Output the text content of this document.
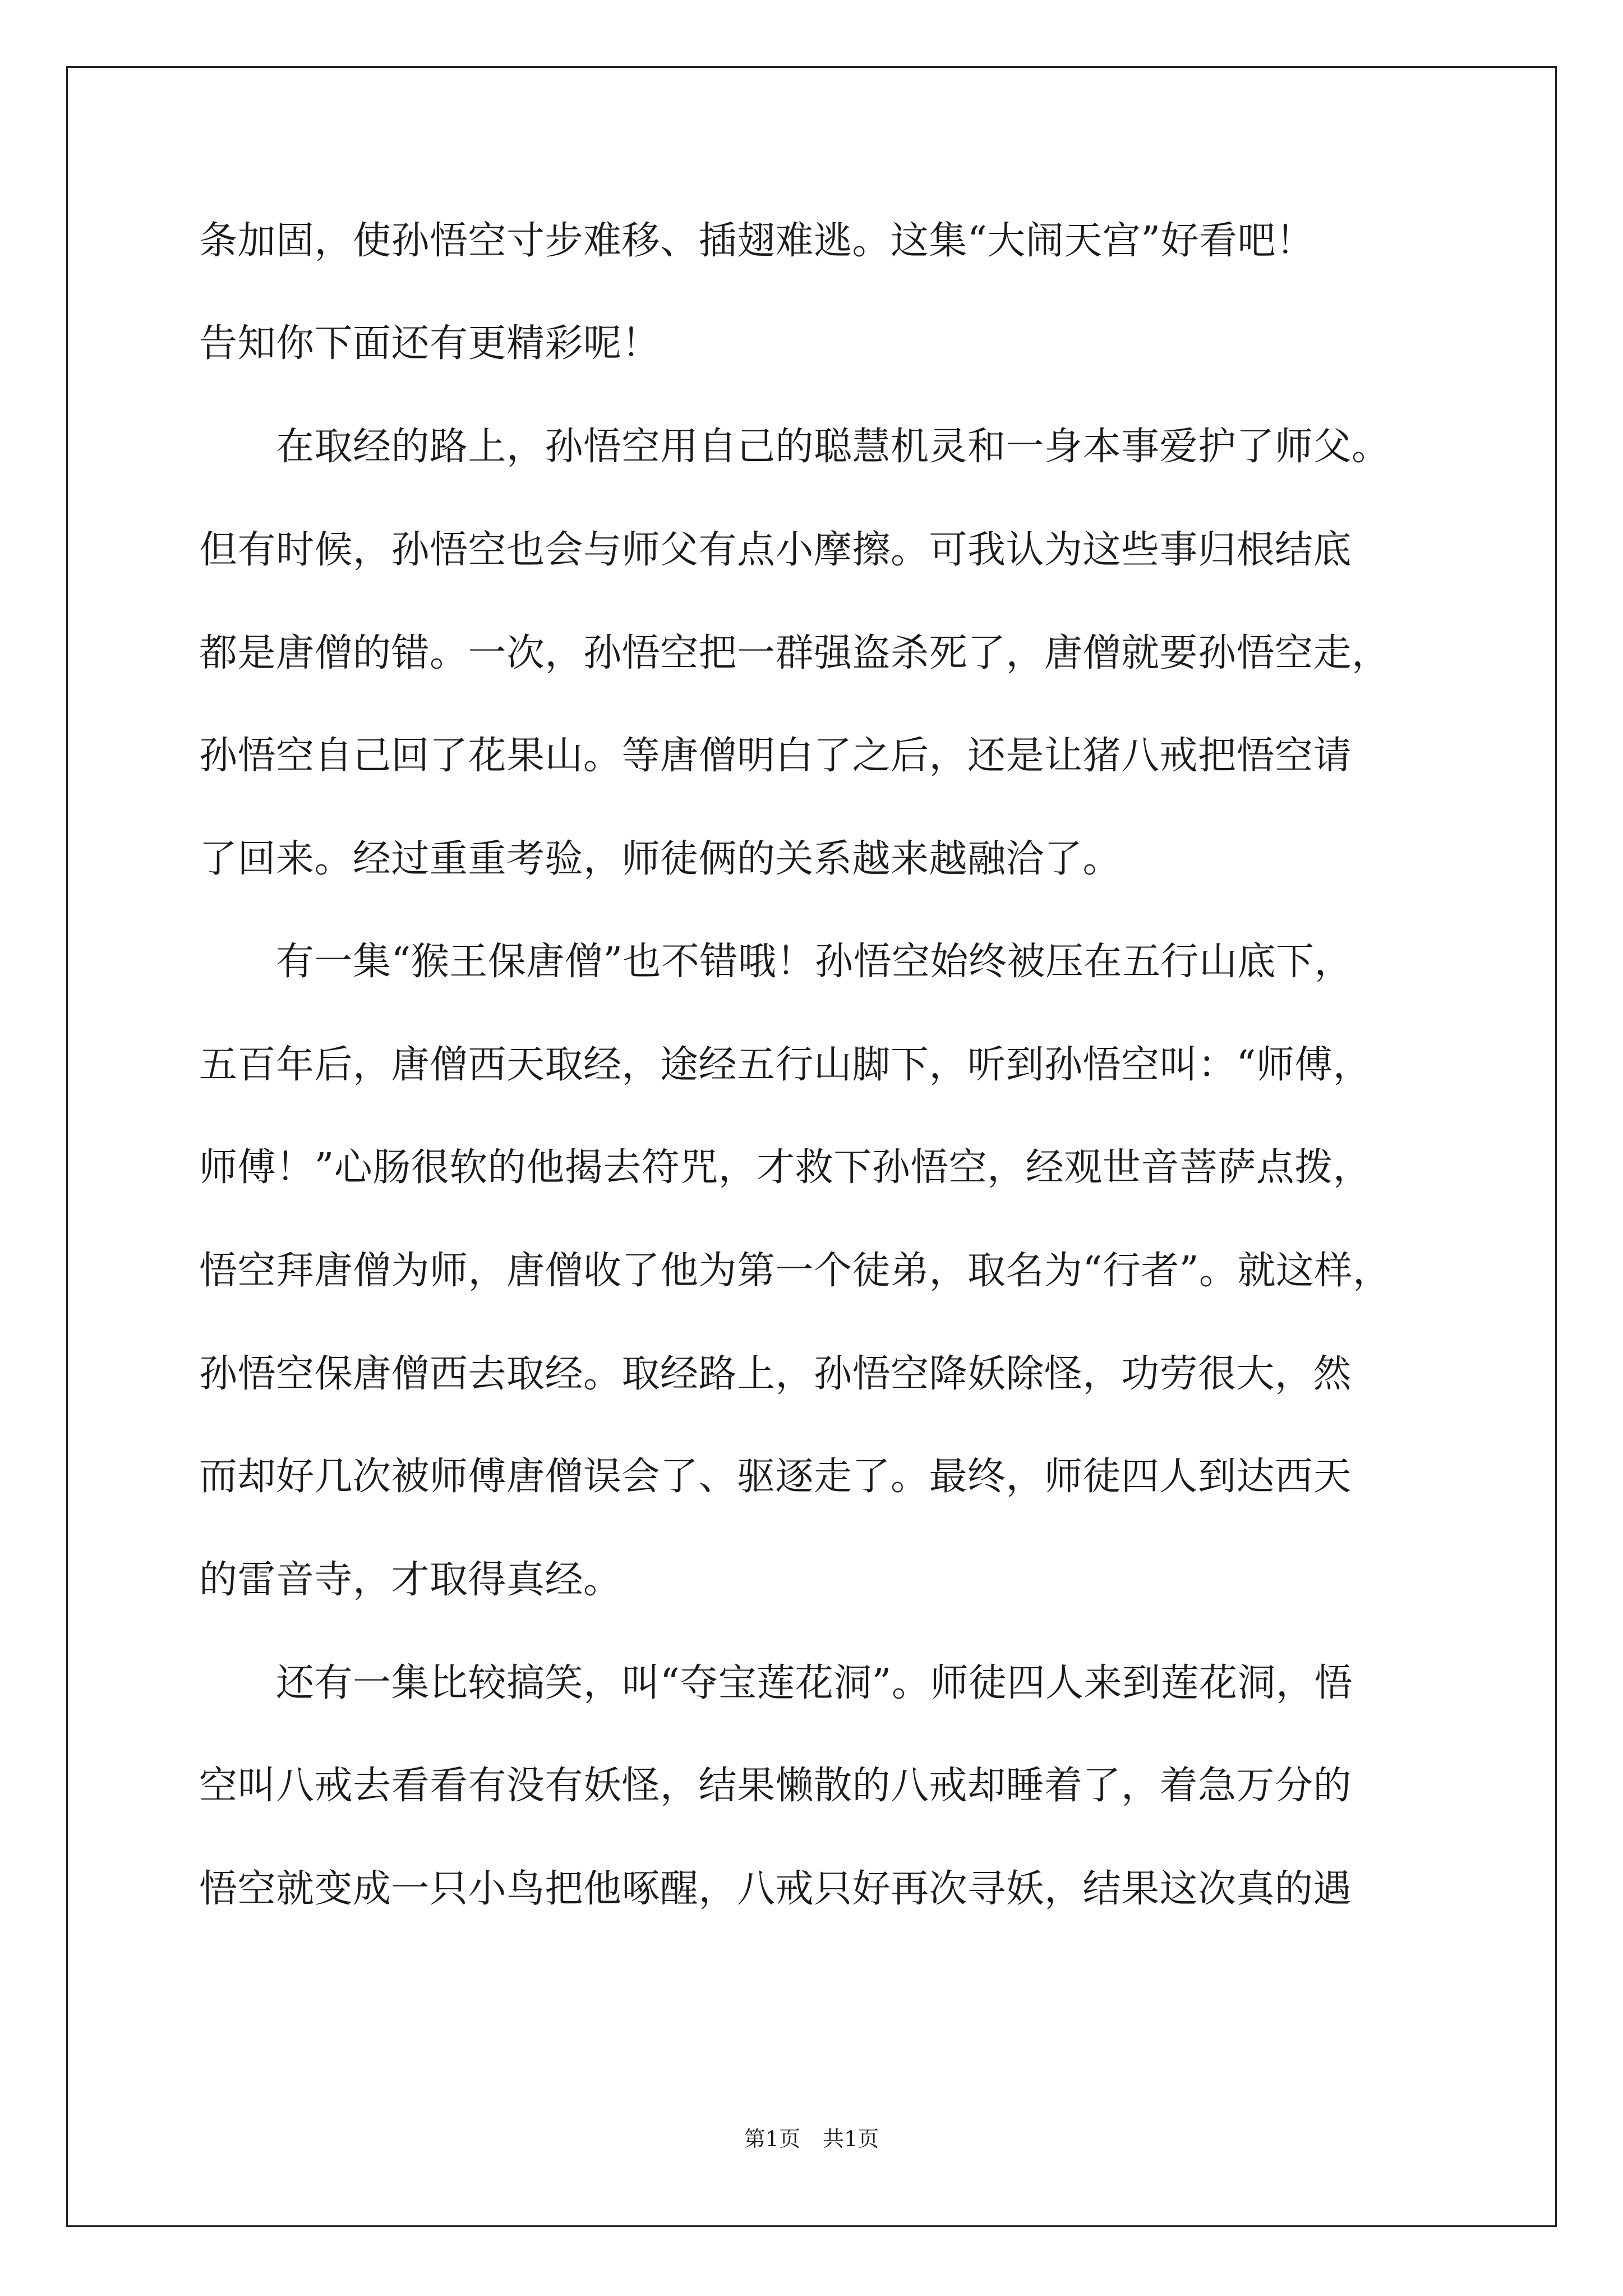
条加固，使孙悟空寸步难移、插翅难逃。这集“大闹天宫”好看吧！
告知你下面还有更精彩呢！
　　在取经的路上，孙悟空用自己的聪慧机灵和一身本事爱护了师父。
但有时候，孙悟空也会与师父有点小摩擦。可我认为这些事归根结底
都是唐僧的错。一次，孙悟空把一群强盗杀死了，唐僧就要孙悟空走，
孙悟空自己回了花果山。等唐僧明白了之后，还是让猪八戒把悟空请
了回来。经过重重考验，师徒俩的关系越来越融洽了。
　　有一集“猴王保唐僧”也不错哦！孙悟空始终被压在五行山底下，
五百年后，唐僧西天取经，途经五行山脚下，听到孙悟空叫：“师傅，
师傅！”心肠很软的他揭去符咒，才救下孙悟空，经观世音菩萨点拨，
悟空拜唐僧为师，唐僧收了他为第一个徒弟，取名为“行者”。就这样，
孙悟空保唐僧西去取经。取经路上，孙悟空降妖除怪，功劳很大，然
而却好几次被师傅唐僧误会了、驱逐走了。最终，师徒四人到达西天
的雷音寺，才取得真经。
　　还有一集比较搞笑，叫“夺宝莲花洞”。师徒四人来到莲花洞，悟
空叫八戒去看看有没有妖怪，结果懒散的八戒却睡着了，着急万分的
悟空就变成一只小鸟把他啄醒，八戒只好再次寻妖，结果这次真的遇
第1页 共1页
